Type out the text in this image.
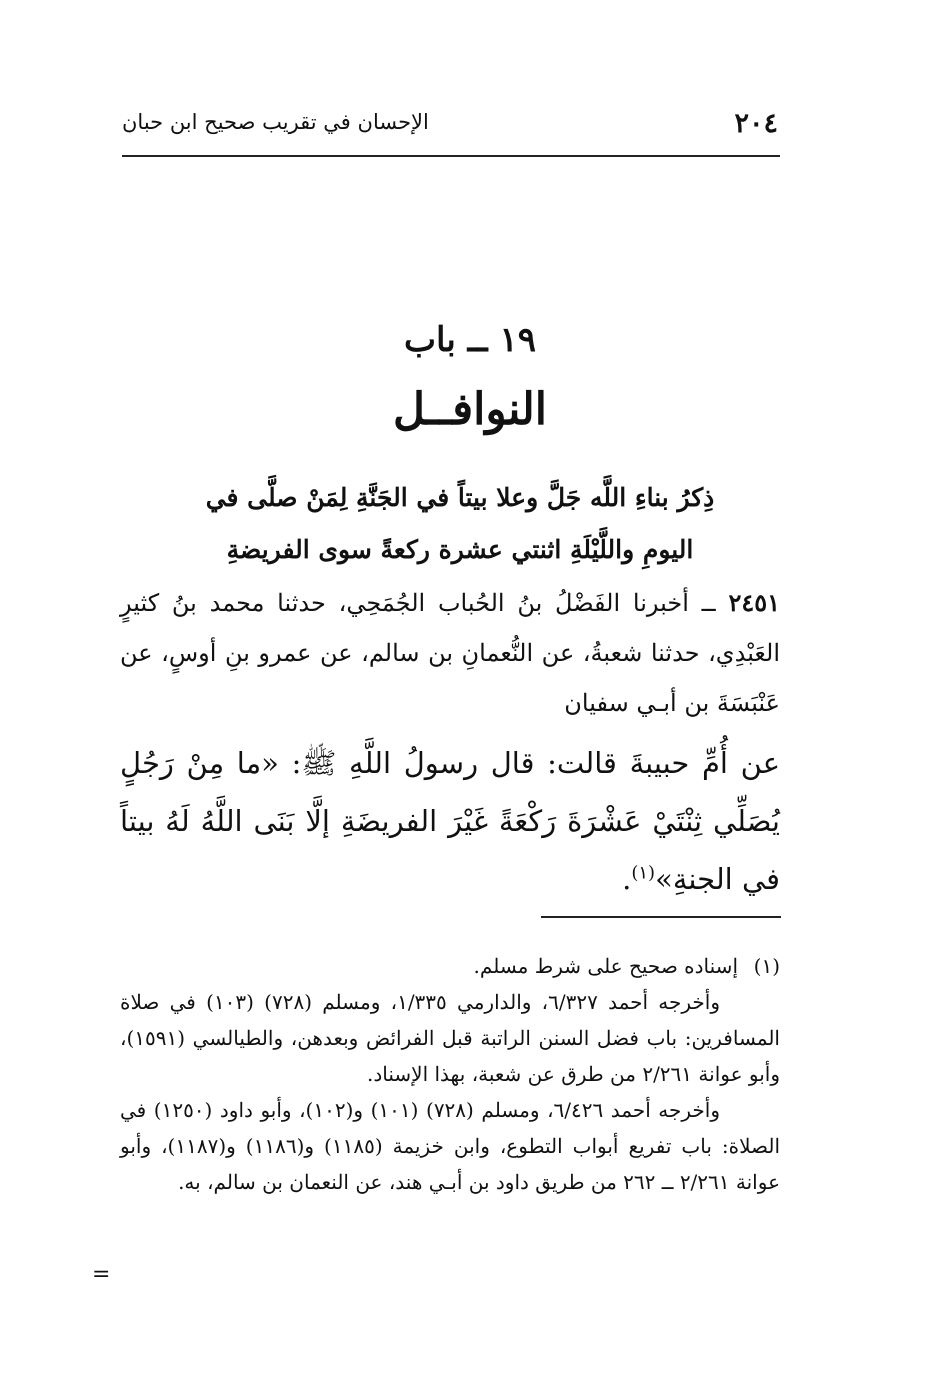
٢٠٤
الإحسان في تقريب صحيح ابن حبان
١٩ ــ باب
النوافــل
ذِكرُ بناءِ اللَّه جَلَّ وعلا بيتاً في الجَنَّةِ لِمَنْ صلَّى في
اليومِ واللَّيْلَةِ اثنتي عشرة ركعةً سوى الفريضةِ
٢٤٥١ ــ أخبرنا الفَضْلُ بنُ الحُباب الجُمَحِي، حدثنا محمد بنُ كثيرٍ العَبْدِي، حدثنا شعبةُ، عن النُّعمانِ بن سالم، عن عمرو بنِ أوسٍ، عن عَنْبَسَةَ بن أبـي سفيان
عن أُمِّ حبيبةَ قالت: قال رسولُ اللَّهِ ﷺ: «ما مِنْ رَجُلٍ يُصَلِّي ثِنْتَيْ عَشْرَةَ رَكْعَةً غَيْرَ الفريضَةِ إلَّا بَنَى اللَّهُ لَهُ بيتاً في الجنةِ»$^{(١)}$.

(١)إسناده صحيح على شرط مسلم.

وأخرجه أحمد ٦/٣٢٧، والدارمي ١/٣٣٥، ومسلم (٧٢٨) (١٠٣) في صلاة المسافرين: باب فضل السنن الراتبة قبل الفرائض وبعدهن، والطيالسي (١٥٩١)، وأبو عوانة ٢/٢٦١ من طرق عن شعبة، بهذا الإسناد.

وأخرجه أحمد ٦/٤٢٦، ومسلم (٧٢٨) (١٠١) و(١٠٢)، وأبو داود (١٢٥٠) في الصلاة: باب تفريع أبواب التطوع، وابن خزيمة (١١٨٥) و(١١٨٦) و(١١٨٧)، وأبو عوانة ٢/٢٦١ ــ ٢٦٢ من طريق داود بن أبـي هند، عن النعمان بن سالم، به.

=
